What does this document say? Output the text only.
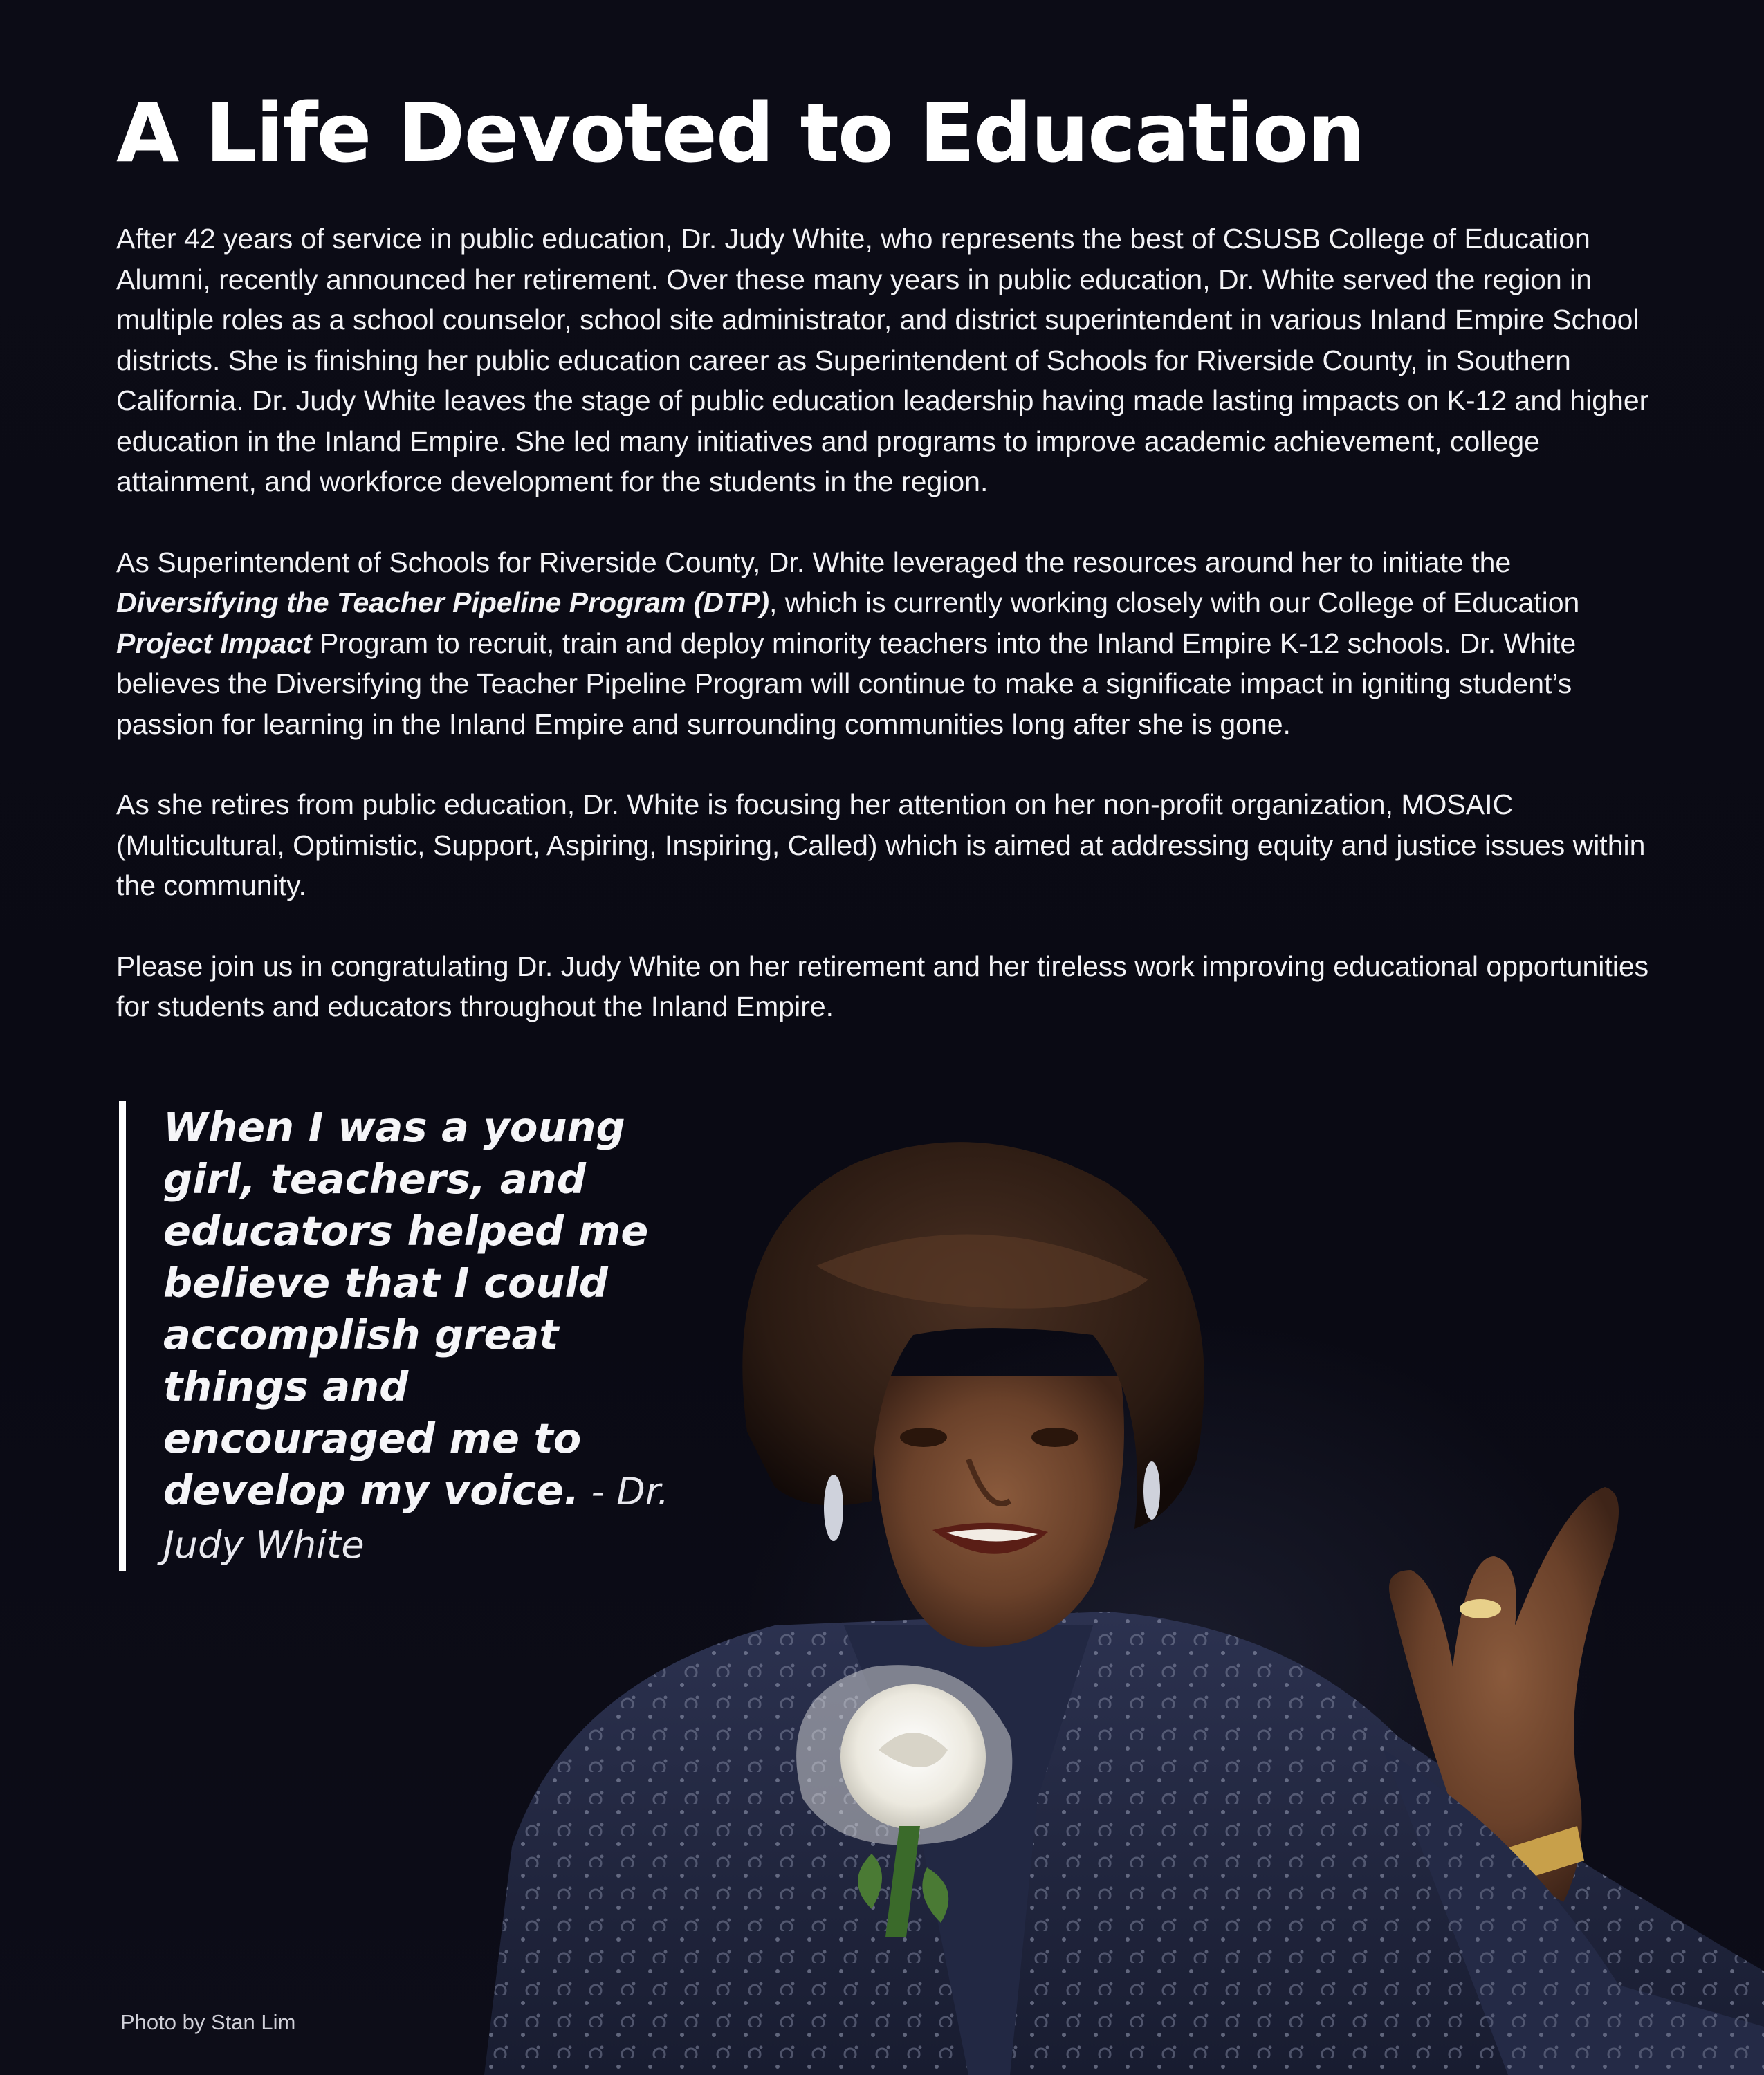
A Life Devoted to Education

After 42 years of service in public education, Dr. Judy White, who represents the best of CSUSB College of Education Alumni, recently announced her retirement. Over these many years in public education, Dr. White served the region in multiple roles as a school counselor, school site administrator, and district superintendent in various Inland Empire School districts. She is finishing her public education career as Superintendent of Schools for Riverside County, in Southern California. Dr. Judy White leaves the stage of public education leadership having made lasting impacts on K-12 and higher education in the Inland Empire. She led many initiatives and programs to improve academic achievement, college attainment, and workforce development for the students in the region.

As Superintendent of Schools for Riverside County, Dr. White leveraged the resources around her to initiate the Diversifying the Teacher Pipeline Program (DTP), which is currently working closely with our College of Education Project Impact Program to recruit, train and deploy minority teachers into the Inland Empire K-12 schools. Dr. White believes the Diversifying the Teacher Pipeline Program will continue to make a significate impact in igniting student’s passion for learning in the Inland Empire and surrounding communities long after she is gone.

As she retires from public education, Dr. White is focusing her attention on her non-profit organization, MOSAIC (Multicultural, Optimistic, Support, Aspiring, Inspiring, Called) which is aimed at addressing equity and justice issues within the community.

Please join us in congratulating Dr. Judy White on her retirement and her tireless work improving educational opportunities for students and educators throughout the Inland Empire.

When I was a young girl, teachers, and educators helped me believe that I could accomplish great things and encouraged me to develop my voice. - Dr. Judy White
Photo by Stan Lim
